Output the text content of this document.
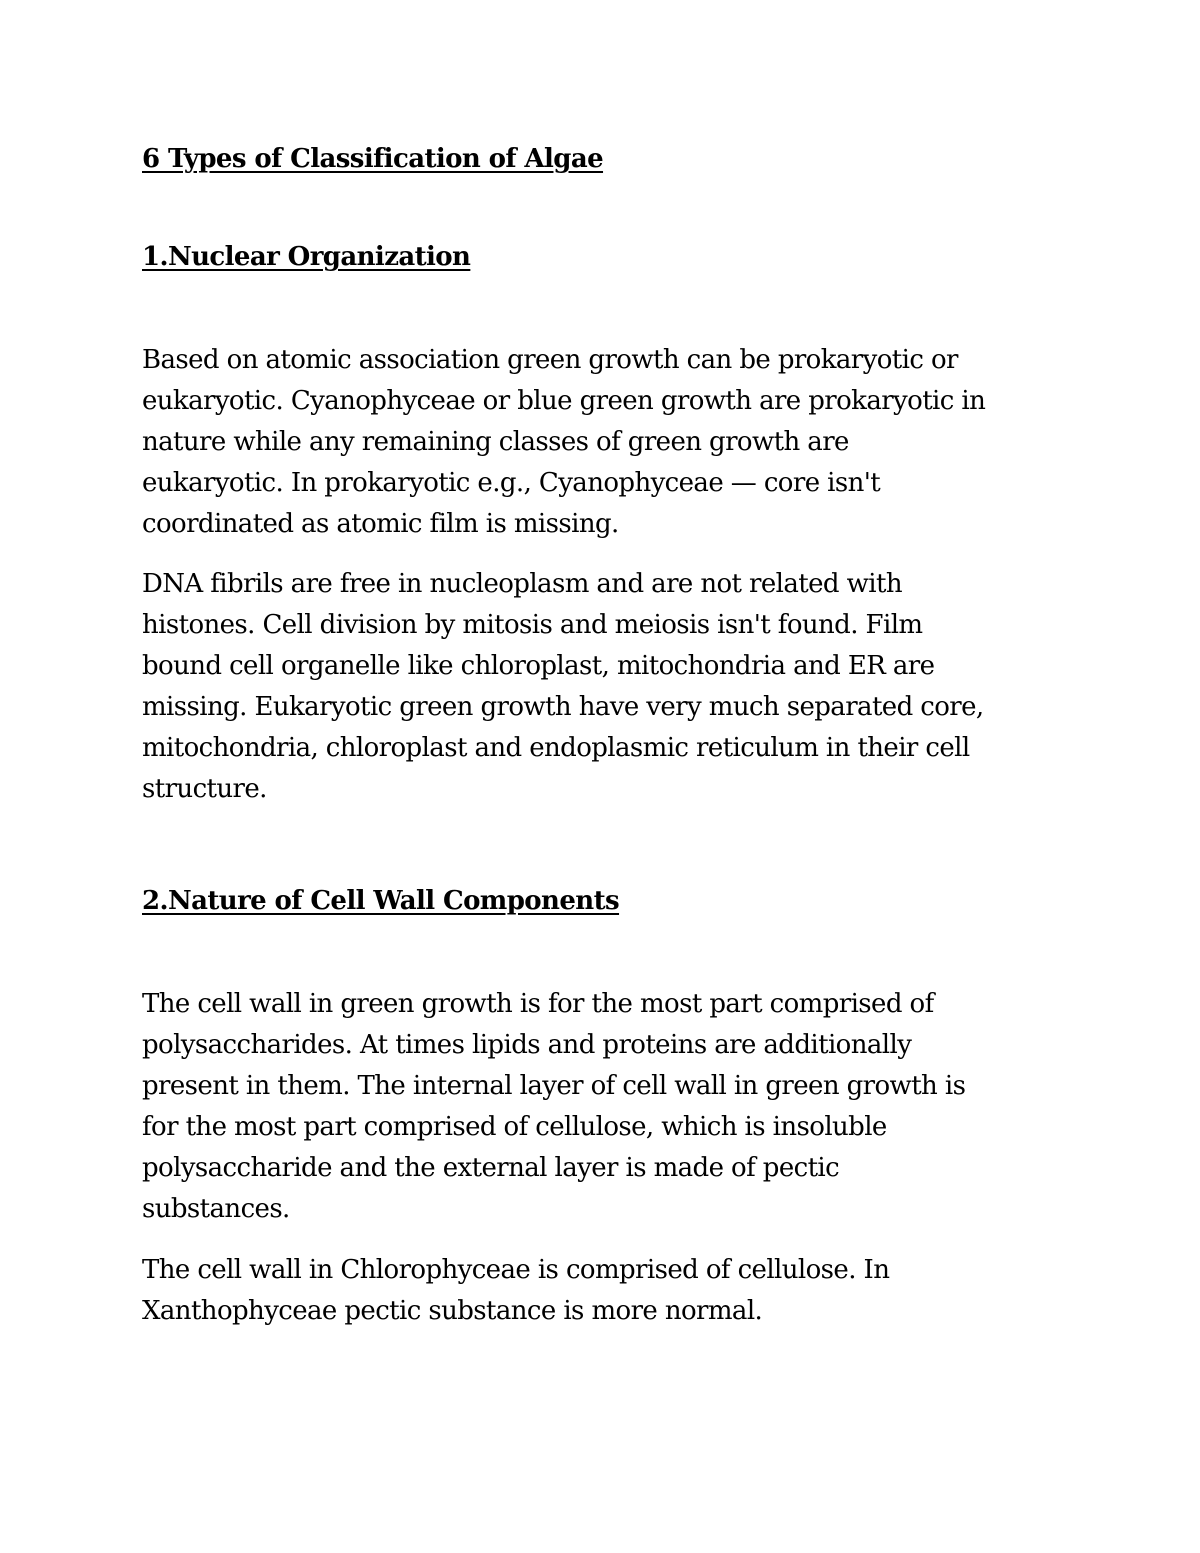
6 Types of Classification of Algae
1.Nuclear Organization

Based on atomic association green growth can be prokaryotic or
eukaryotic. Cyanophyceae or blue green growth are prokaryotic in
nature while any remaining classes of green growth are
eukaryotic. In prokaryotic e.g., Cyanophyceae — core isn't
coordinated as atomic film is missing.

DNA fibrils are free in nucleoplasm and are not related with
histones. Cell division by mitosis and meiosis isn't found. Film
bound cell organelle like chloroplast, mitochondria and ER are
missing. Eukaryotic green growth have very much separated core,
mitochondria, chloroplast and endoplasmic reticulum in their cell
structure.

2.Nature of Cell Wall Components

The cell wall in green growth is for the most part comprised of
polysaccharides. At times lipids and proteins are additionally
present in them. The internal layer of cell wall in green growth is
for the most part comprised of cellulose, which is insoluble
polysaccharide and the external layer is made of pectic
substances.

The cell wall in Chlorophyceae is comprised of cellulose. In
Xanthophyceae pectic substance is more normal.
